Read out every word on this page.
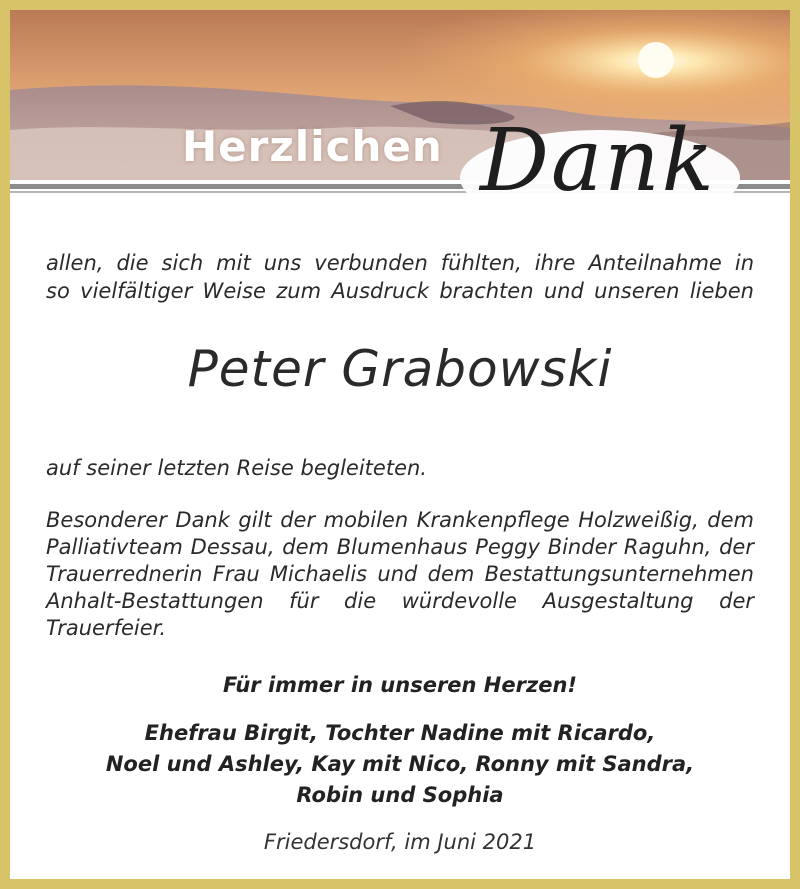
Herzlichen Dank

allen, die sich mit uns verbunden fühlten, ihre Anteilnahme in

so vielfältiger Weise zum Ausdruck brachten und unseren lieben

Peter Grabowski

auf seiner letzten Reise begleiteten.

Besonderer Dank gilt der mobilen Krankenpflege Holzweißig, dem

Palliativteam Dessau, dem Blumenhaus Peggy Binder Raguhn, der

Trauerrednerin Frau Michaelis und dem Bestattungsunternehmen

Anhalt-Bestattungen für die würdevolle Ausgestaltung der

Trauerfeier.

Für immer in unseren Herzen!
Ehefrau Birgit, Tochter Nadine mit Ricardo,
Noel und Ashley, Kay mit Nico, Ronny mit Sandra,
Robin und Sophia
Friedersdorf, im Juni 2021
